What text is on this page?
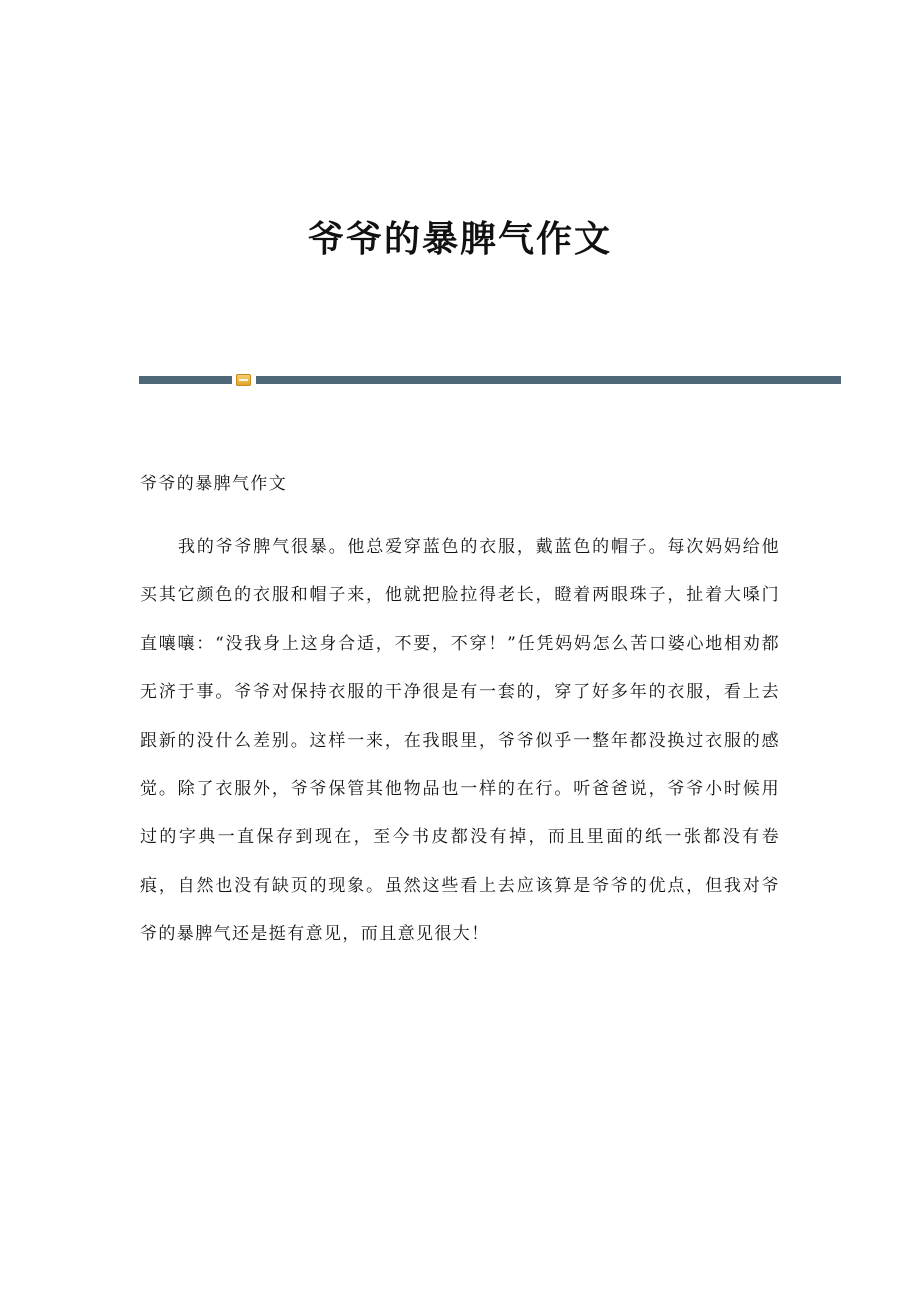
爷爷的暴脾气作文

爷爷的暴脾气作文

我的爷爷脾气很暴。他总爱穿蓝色的衣服，戴蓝色的帽子。每次妈妈给他买其它颜色的衣服和帽子来，他就把脸拉得老长，瞪着两眼珠子，扯着大嗓门直嚷嚷：“没我身上这身合适，不要，不穿！”任凭妈妈怎么苦口婆心地相劝都无济于事。爷爷对保持衣服的干净很是有一套的，穿了好多年的衣服，看上去跟新的没什么差别。这样一来，在我眼里，爷爷似乎一整年都没换过衣服的感觉。除了衣服外，爷爷保管其他物品也一样的在行。听爸爸说，爷爷小时候用过的字典一直保存到现在，至今书皮都没有掉，而且里面的纸一张都没有卷痕，自然也没有缺页的现象。虽然这些看上去应该算是爷爷的优点，但我对爷爷的暴脾气还是挺有意见，而且意见很大！
